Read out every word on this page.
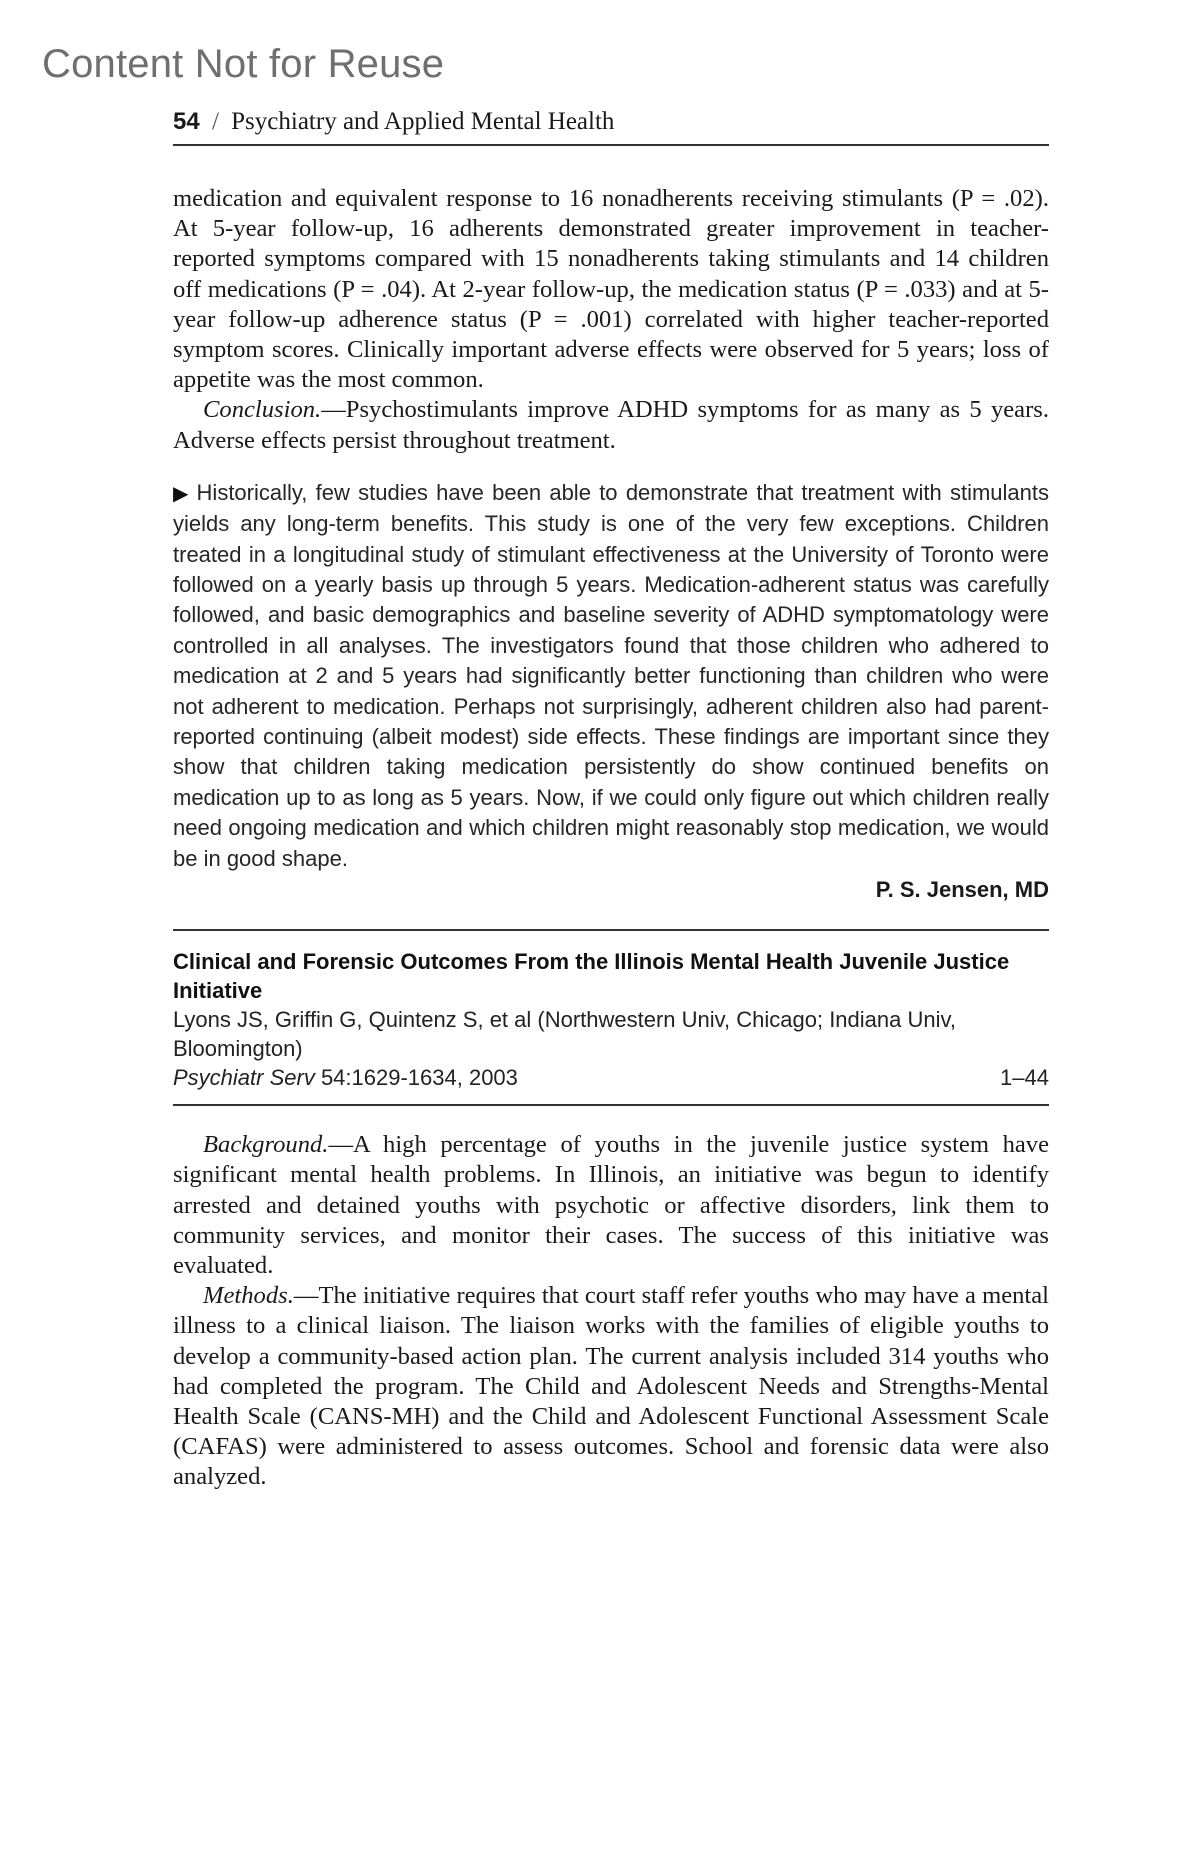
Content Not for Reuse
54 / Psychiatry and Applied Mental Health

medication and equivalent response to 16 nonadherents receiving stimulants (P = .02). At 5-year follow-up, 16 adherents demonstrated greater improvement in teacher-reported symptoms compared with 15 nonadherents taking stimulants and 14 children off medications (P = .04). At 2-year follow-up, the medication status (P = .033) and at 5-year follow-up adherence status (P = .001) correlated with higher teacher-reported symptom scores. Clinically important adverse effects were observed for 5 years; loss of appetite was the most common.

Conclusion.—Psychostimulants improve ADHD symptoms for as many as 5 years. Adverse effects persist throughout treatment.

▶ Historically, few studies have been able to demonstrate that treatment with stimulants yields any long-term benefits. This study is one of the very few exceptions. Children treated in a longitudinal study of stimulant effectiveness at the University of Toronto were followed on a yearly basis up through 5 years. Medication-adherent status was carefully followed, and basic demographics and baseline severity of ADHD symptomatology were controlled in all analyses. The investigators found that those children who adhered to medication at 2 and 5 years had significantly better functioning than children who were not adherent to medication. Perhaps not surprisingly, adherent children also had parent-reported continuing (albeit modest) side effects. These findings are important since they show that children taking medication persistently do show continued benefits on medication up to as long as 5 years. Now, if we could only figure out which children really need ongoing medication and which children might reasonably stop medication, we would be in good shape.
P. S. Jensen, MD
Clinical and Forensic Outcomes From the Illinois Mental Health Juvenile Justice Initiative
Lyons JS, Griffin G, Quintenz S, et al (Northwestern Univ, Chicago; Indiana Univ, Bloomington)
Psychiatr Serv 54:1629-1634, 2003	1–44

Background.—A high percentage of youths in the juvenile justice system have significant mental health problems. In Illinois, an initiative was begun to identify arrested and detained youths with psychotic or affective disorders, link them to community services, and monitor their cases. The success of this initiative was evaluated.

Methods.—The initiative requires that court staff refer youths who may have a mental illness to a clinical liaison. The liaison works with the families of eligible youths to develop a community-based action plan. The current analysis included 314 youths who had completed the program. The Child and Adolescent Needs and Strengths-Mental Health Scale (CANS-MH) and the Child and Adolescent Functional Assessment Scale (CAFAS) were administered to assess outcomes. School and forensic data were also analyzed.
